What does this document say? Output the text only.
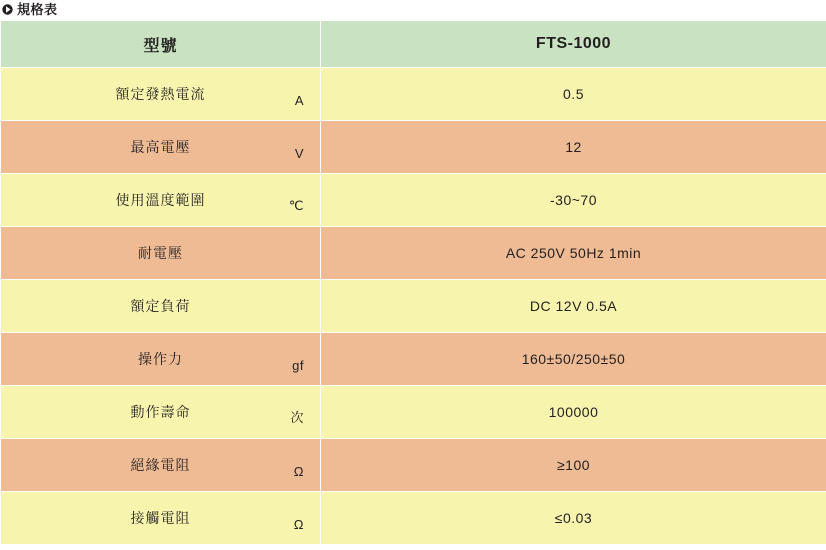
規格表
型號	FTS-1000

額定發熱電流 A	0.5

最高電壓 V	12

使用溫度範圍 ℃	-30~70

耐電壓	AC 250V 50Hz 1min

額定負荷	DC 12V 0.5A

操作力 gf	160±50/250±50

動作壽命 次	100000

絕緣電阻 Ω	≥100

接觸電阻 Ω	≤0.03
